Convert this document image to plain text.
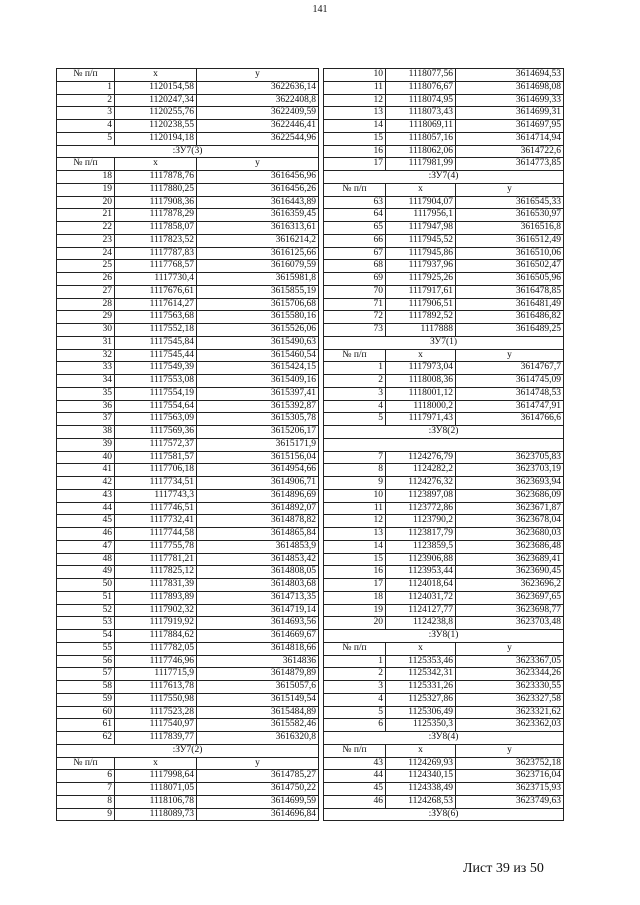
141
№ п/п	x	y
1	1120154,58	3622636,14
2	1120247,34	3622408,8
3	1120255,76	3622409,59
4	1120238,55	3622446,41
5	1120194,18	3622544,96
:ЗУ7(3)		
№ п/п	x	y
18	1117878,76	3616456,96
19	1117880,25	3616456,26
20	1117908,36	3616443,89
21	1117878,29	3616359,45
22	1117858,07	3616313,61
23	1117823,52	3616214,2
24	1117787,83	3616125,66
25	1117768,57	3616079,59
26	1117730,4	3615981,8
27	1117676,61	3615855,19
28	1117614,27	3615706,68
29	1117563,68	3615580,16
30	1117552,18	3615526,06
31	1117545,84	3615490,63
32	1117545,44	3615460,54
33	1117549,39	3615424,15
34	1117553,08	3615409,16
35	1117554,19	3615397,41
36	1117554,64	3615392,87
37	1117563,09	3615305,78
38	1117569,36	3615206,17
39	1117572,37	3615171,9
40	1117581,57	3615156,04
41	1117706,18	3614954,66
42	1117734,51	3614906,71
43	1117743,3	3614896,69
44	1117746,51	3614892,07
45	1117732,41	3614878,82
46	1117744,58	3614865,84
47	1117755,78	3614853,9
48	1117781,21	3614853,42
49	1117825,12	3614808,05
50	1117831,39	3614803,68
51	1117893,89	3614713,35
52	1117902,32	3614719,14
53	1117919,92	3614693,56
54	1117884,62	3614669,67
55	1117782,05	3614818,66
56	1117746,96	3614836
57	1117715,9	3614879,89
58	1117613,78	3615057,6
59	1117550,98	3615149,54
60	1117523,28	3615484,89
61	1117540,97	3615582,46
62	1117839,77	3616320,8
:ЗУ7(2)		
№ п/п	x	y
6	1117998,64	3614785,27
7	1118071,05	3614750,22
8	1118106,78	3614699,59
9	1118089,73	3614696,84
10	1118077,56	3614694,53
11	1118076,67	3614698,08
12	1118074,95	3614699,33
13	1118073,43	3614699,31
14	1118069,11	3614697,95
15	1118057,16	3614714,94
16	1118062,06	3614722,6
17	1117981,99	3614773,85
:ЗУ7(4)		
№ п/п	x	y
63	1117904,07	3616545,33
64	1117956,1	3616530,97
65	1117947,98	3616516,8
66	1117945,52	3616512,49
67	1117945,86	3616510,06
68	1117937,96	3616502,47
69	1117925,26	3616505,96
70	1117917,61	3616478,85
71	1117906,51	3616481,49
72	1117892,52	3616486,82
73	1117888	3616489,25
ЗУ7(1)		
№ п/п	x	y
1	1117973,04	3614767,7
2	1118008,36	3614745,09
3	1118001,12	3614748,53
4	1118000,2	3614747,91
5	1117971,43	3614766,6
:ЗУ8(2)		

7	1124276,79	3623705,83
8	1124282,2	3623703,19
9	1124276,32	3623693,94
10	1123897,08	3623686,09
11	1123772,86	3623671,87
12	1123790,2	3623678,04
13	1123817,79	3623680,03
14	1123859,5	3623686,48
15	1123906,88	3623689,41
16	1123953,44	3623690,45
17	1124018,64	3623696,2
18	1124031,72	3623697,65
19	1124127,77	3623698,77
20	1124238,8	3623703,48
:ЗУ8(1)		
№ п/п	x	y
1	1125353,46	3623367,05
2	1125342,31	3623344,26
3	1125331,26	3623330,55
4	1125327,86	3623327,58
5	1125306,49	3623321,62
6	1125350,3	3623362,03
:ЗУ8(4)		
№ п/п	x	y
43	1124269,93	3623752,18
44	1124340,15	3623716,04
45	1124338,49	3623715,93
46	1124268,53	3623749,63
:ЗУ8(6)		
Лист 39 из 50
